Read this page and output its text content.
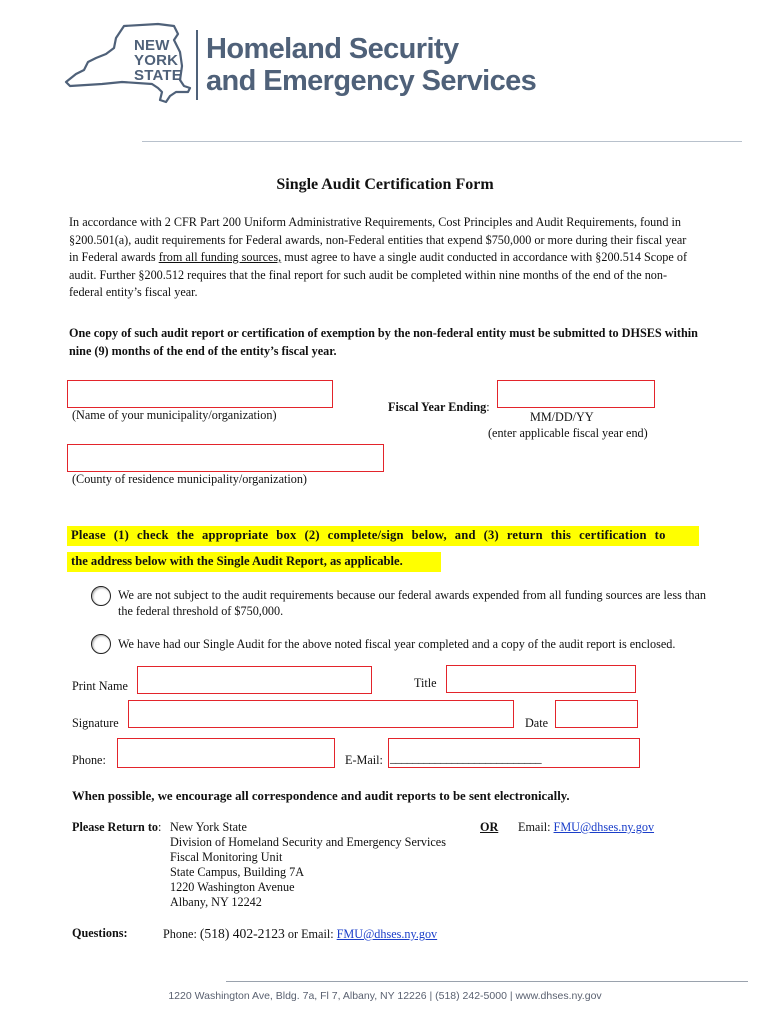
NEW
YORK
STATE
Homeland Security
and Emergency Services
Single Audit Certification Form
In accordance with 2 CFR Part 200 Uniform Administrative Requirements, Cost Principles and Audit Requirements, found in §200.501(a), audit requirements for Federal awards, non-Federal entities that expend $750,000 or more during their fiscal year in Federal awards from all funding sources, must agree to have a single audit conducted in accordance with §200.514 Scope of audit. Further §200.512 requires that the final report for such audit be completed within nine months of the end of the non-federal entity’s fiscal year.
One copy of such audit report or certification of exemption by the non-federal entity must be submitted to DHSES within nine (9) months of the end of the entity’s fiscal year.
(Name of your municipality/organization)
Fiscal Year Ending:
MM/DD/YY
(enter applicable fiscal year end)
(County of residence municipality/organization)
Please (1) check the appropriate box (2) complete/sign below, and (3) return this certification to
the address below with the Single Audit Report, as applicable.
We are not subject to the audit requirements because our federal awards expended from all funding sources are less than the federal threshold of $750,000.
We have had our Single Audit for the above noted fiscal year completed and a copy of the audit report is enclosed.
Print Name	Title
Signature	Date
Phone:	E-Mail: ___________________________
When possible, we encourage all correspondence and audit reports to be sent electronically.
Please Return to: New York State
Division of Homeland Security and Emergency Services
Fiscal Monitoring Unit
State Campus, Building 7A
1220 Washington Avenue
Albany, NY 12242
OR Email: FMU@dhses.ny.gov
Questions:	Phone: (518) 402-2123 or Email: FMU@dhses.ny.gov
1220 Washington Ave, Bldg. 7a, Fl 7, Albany, NY 12226 | (518) 242-5000 | www.dhses.ny.gov
